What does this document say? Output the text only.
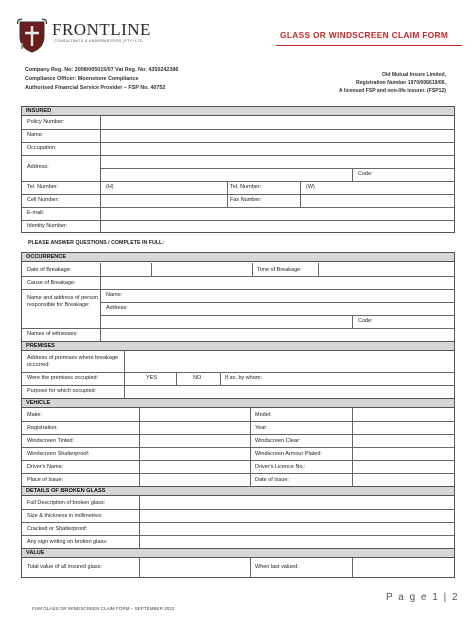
FRONTLINE
CONSULTANTS & UNDERWRITERS (PTY) LTD
GLASS OR WINDSCREEN CLAIM FORM
Company Reg. No: 2008/005015/07 Vat Reg. No: 4350242386
Compliance Officer: Moonstone Compliance
Authorised Financial Service Provider – FSP No. 40752
Old Mutual Insure Limited,
Registration Number 1970/006619/06,
A licensed FSP and non-life insurer. (FSP12)
INSURED
Policy Number:
Name:
Occupation:
Address:
Code:
Tel. Number:	(H)	Tel. Number:	(W)
Cell Number:	Fax Number:
E-mail:
Identity Number:
PLEASE ANSWER QUESTIONS / COMPLETE IN FULL:
OCCURRENCE
Date of Breakage:	Time of Breakage:
Cause of Breakage:
Name and address of person responsible for Breakage:
Name:
Address:
Code:
Names of witnesses:
PREMISES
Address of premises where breakage occurred:
Were the premises occupied:	YES	NO	If so, by whom:
Purpose for which occupied:
VEHICLE
Make:	Model:
Registration:	Year:
Windscreen Tinted:	Windscreen Clear:
Windscreen Shatterproof:	Windscreen Armour Plated:
Driver's Name:	Driver's Licence No.:
Place of Issue:	Date of Issue:
DETAILS OF BROKEN GLASS
Full Description of broken glass:
Size & thickness in millimetres:
Cracked or Shatterproof:
Any sign writing on broken glass:
VALUE
Total value of all insured glass:	When last valued:
P a g e 1 | 2
FUM GLASS OR WINDSCREEN CLAIM FORM – SEPTEMBER 2022
